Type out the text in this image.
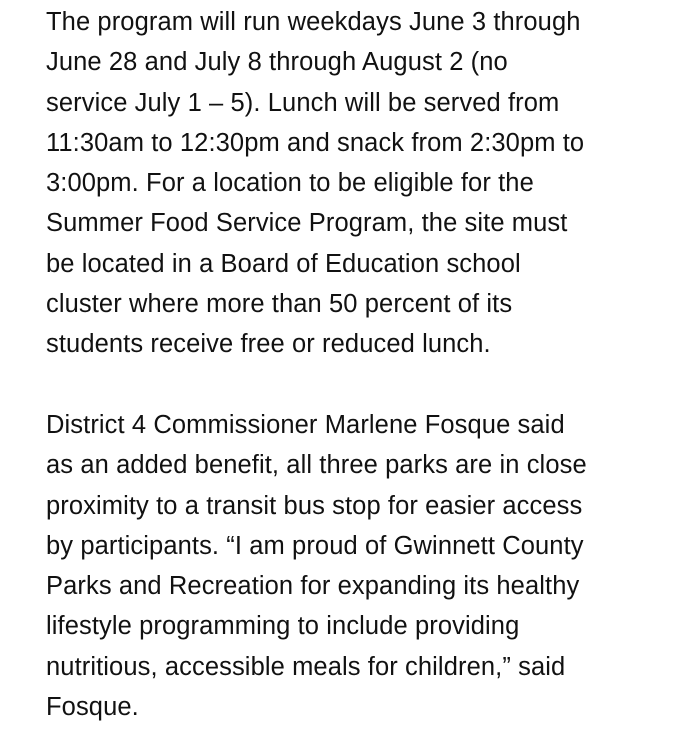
The program will run weekdays June 3 through
June 28 and July 8 through August 2 (no
service July 1 – 5). Lunch will be served from
11:30am to 12:30pm and snack from 2:30pm to
3:00pm. For a location to be eligible for the
Summer Food Service Program, the site must
be located in a Board of Education school
cluster where more than 50 percent of its
students receive free or reduced lunch.

District 4 Commissioner Marlene Fosque said
as an added benefit, all three parks are in close
proximity to a transit bus stop for easier access
by participants. “I am proud of Gwinnett County
Parks and Recreation for expanding its healthy
lifestyle programming to include providing
nutritious, accessible meals for children,” said
Fosque.
